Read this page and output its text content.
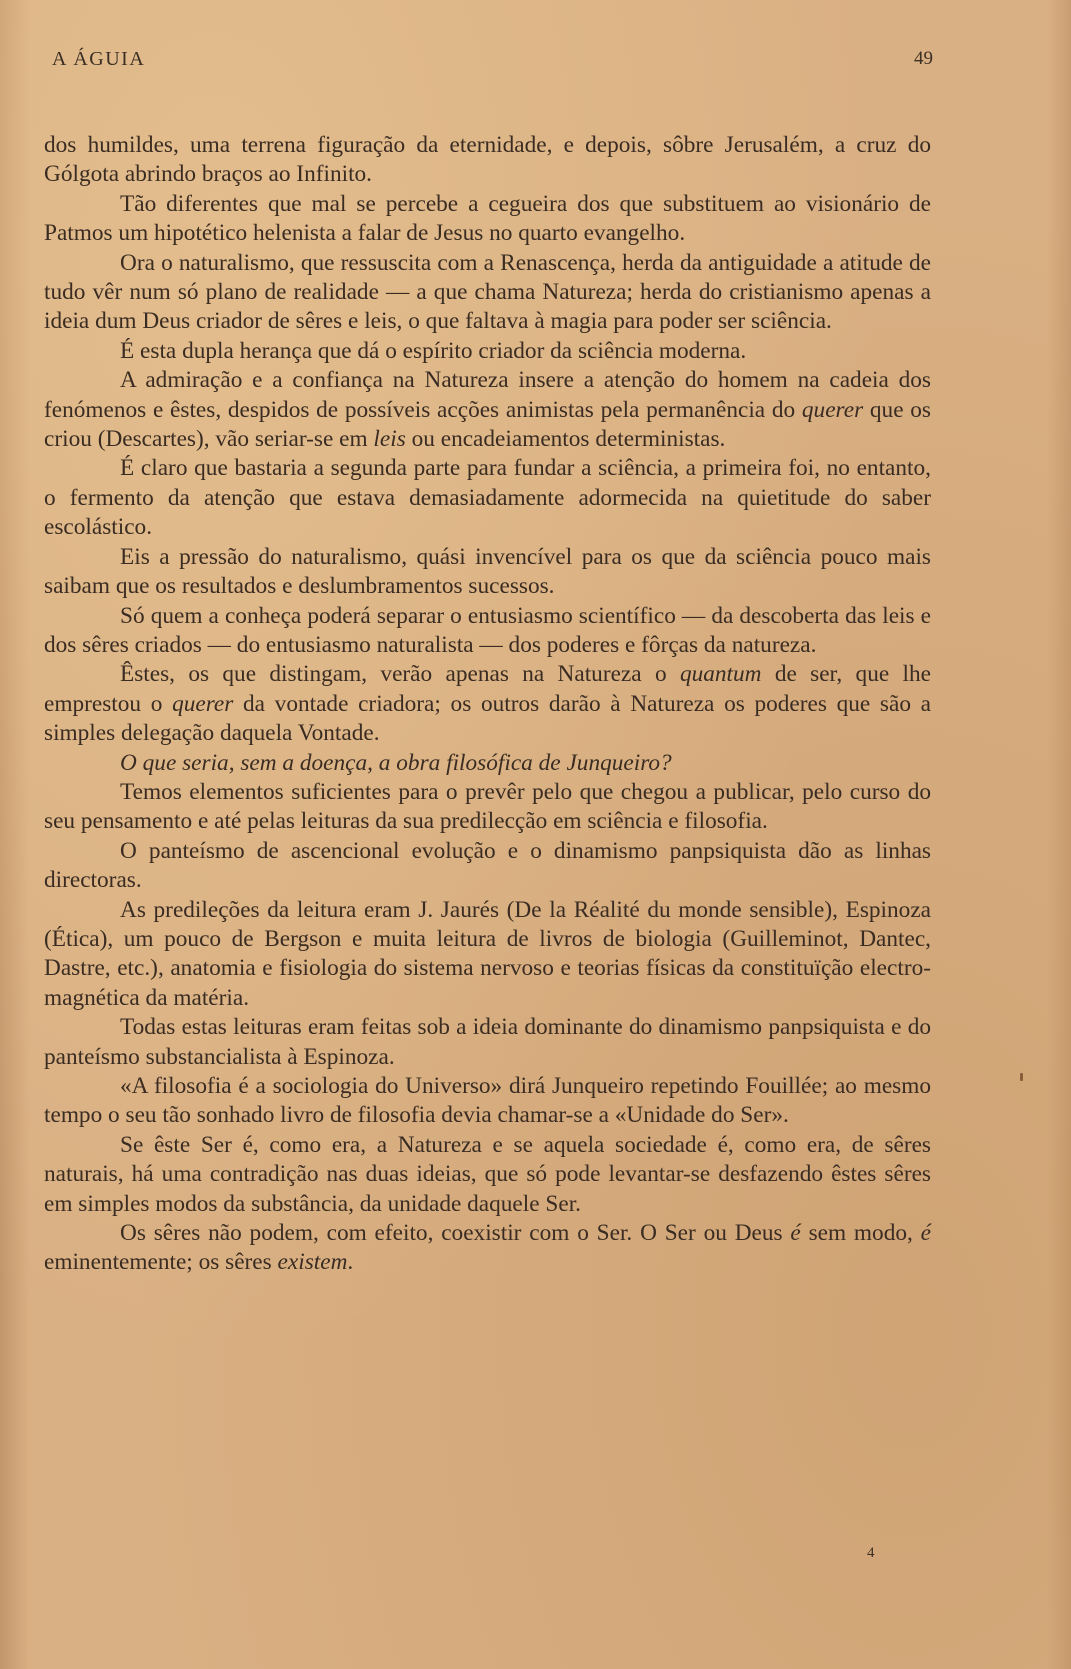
A ÁGUIA	49

dos humildes, uma terrena figuração da eternidade, e depois, sôbre Jerusalém, a cruz do Gólgota abrindo braços ao Infinito.

Tão diferentes que mal se percebe a cegueira dos que substituem ao visionário de Patmos um hipotético helenista a falar de Jesus no quarto evangelho.

Ora o naturalismo, que ressuscita com a Renascença, herda da antiguidade a atitude de tudo vêr num só plano de realidade — a que chama Natureza; herda do cristianismo apenas a ideia dum Deus criador de sêres e leis, o que faltava à magia para poder ser sciência.

É esta dupla herança que dá o espírito criador da sciência moderna.

A admiração e a confiança na Natureza insere a atenção do homem na cadeia dos fenómenos e êstes, despidos de possíveis acções animistas pela permanência do querer que os criou (Descartes), vão seriar-se em leis ou encadeiamentos deterministas.

É claro que bastaria a segunda parte para fundar a sciência, a primeira foi, no entanto, o fermento da atenção que estava demasiadamente adormecida na quietitude do saber escolástico.

Eis a pressão do naturalismo, quási invencível para os que da sciência pouco mais saibam que os resultados e deslumbramentos sucessos.

Só quem a conheça poderá separar o entusiasmo scientífico — da descoberta das leis e dos sêres criados — do entusiasmo naturalista — dos poderes e fôrças da natureza.

Êstes, os que distingam, verão apenas na Natureza o quantum de ser, que lhe emprestou o querer da vontade criadora; os outros darão à Natureza os poderes que são a simples delegação daquela Vontade.

O que seria, sem a doença, a obra filosófica de Junqueiro?

Temos elementos suficientes para o prevêr pelo que chegou a publicar, pelo curso do seu pensamento e até pelas leituras da sua predilecção em sciência e filosofia.

O panteísmo de ascencional evolução e o dinamismo panpsiquista dão as linhas directoras.

As predileções da leitura eram J. Jaurés (De la Réalité du monde sensible), Espinoza (Ética), um pouco de Bergson e muita leitura de livros de biologia (Guilleminot, Dantec, Dastre, etc.), anatomia e fisiologia do sistema nervoso e teorias físicas da constituïção electro-magnética da matéria.

Todas estas leituras eram feitas sob a ideia dominante do dinamismo panpsiquista e do panteísmo substancialista à Espinoza.

«A filosofia é a sociologia do Universo» dirá Junqueiro repetindo Fouillée; ao mesmo tempo o seu tão sonhado livro de filosofia devia chamar-se a «Unidade do Ser».

Se êste Ser é, como era, a Natureza e se aquela sociedade é, como era, de sêres naturais, há uma contradição nas duas ideias, que só pode levantar-se desfazendo êstes sêres em simples modos da substância, da unidade daquele Ser.

Os sêres não podem, com efeito, coexistir com o Ser. O Ser ou Deus é sem modo, é eminentemente; os sêres existem.

4
